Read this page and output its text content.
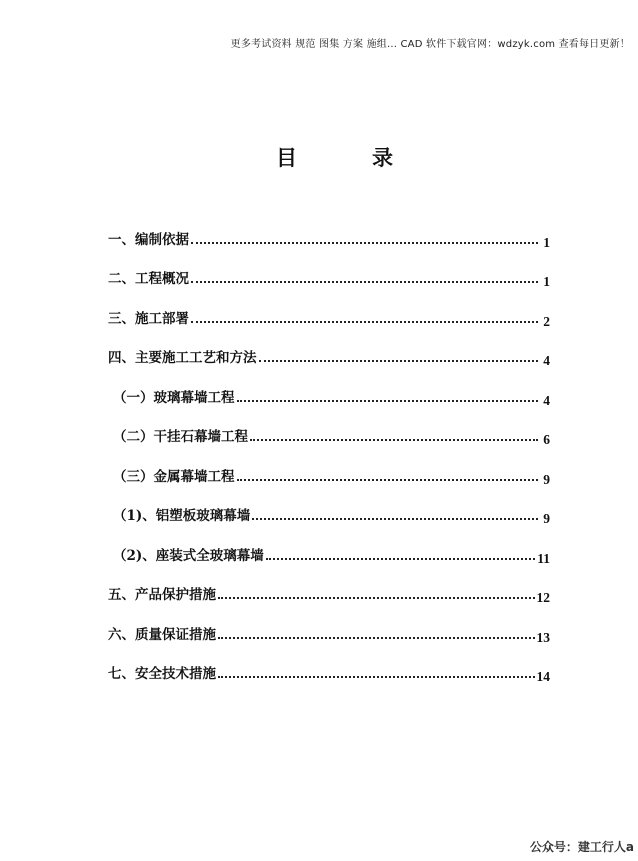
更多考试资料 规范 图集 方案 施组... CAD 软件下载官网：wdzyk.com 查看每日更新！
目	录
一、编制依据	1
二、工程概况	1
三、施工部署	2
四、主要施工工艺和方法	4
（一）玻璃幕墙工程	4
（二）干挂石幕墙工程	6
（三）金属幕墙工程	9
（1)、铝塑板玻璃幕墙	9
（2)、座装式全玻璃幕墙	11
五、产品保护措施	12
六、质量保证措施	13
七、安全技术措施	14
公众号：建工行人a
